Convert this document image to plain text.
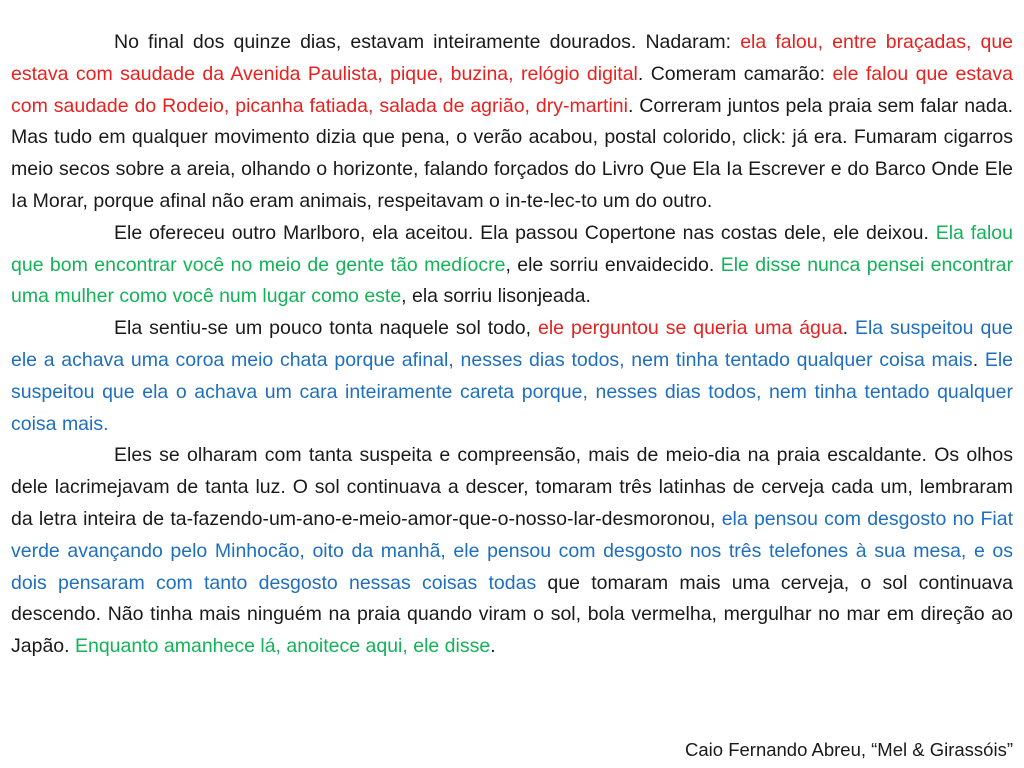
No final dos quinze dias, estavam inteiramente dourados. Nadaram: ela falou, entre braçadas, que estava com saudade da Avenida Paulista, pique, buzina, relógio digital. Comeram camarão: ele falou que estava com saudade do Rodeio, picanha fatiada, salada de agrião, dry-martini. Correram juntos pela praia sem falar nada. Mas tudo em qualquer movimento dizia que pena, o verão acabou, postal colorido, click: já era. Fumaram cigarros meio secos sobre a areia, olhando o horizonte, falando forçados do Livro Que Ela Ia Escrever e do Barco Onde Ele Ia Morar, porque afinal não eram animais, respeitavam o in-te-lec-to um do outro.

Ele ofereceu outro Marlboro, ela aceitou. Ela passou Copertone nas costas dele, ele deixou. Ela falou que bom encontrar você no meio de gente tão medíocre, ele sorriu envaidecido. Ele disse nunca pensei encontrar uma mulher como você num lugar como este, ela sorriu lisonjeada.

Ela sentiu-se um pouco tonta naquele sol todo, ele perguntou se queria uma água. Ela suspeitou que ele a achava uma coroa meio chata porque afinal, nesses dias todos, nem tinha tentado qualquer coisa mais. Ele suspeitou que ela o achava um cara inteiramente careta porque, nesses dias todos, nem tinha tentado qualquer coisa mais.

Eles se olharam com tanta suspeita e compreensão, mais de meio-dia na praia escaldante. Os olhos dele lacrimejavam de tanta luz. O sol continuava a descer, tomaram três latinhas de cerveja cada um, lembraram da letra inteira de ta-fazendo-um-ano-e-meio-amor-que-o-nosso-lar-desmoronou, ela pensou com desgosto no Fiat verde avançando pelo Minhocão, oito da manhã, ele pensou com desgosto nos três telefones à sua mesa, e os dois pensaram com tanto desgosto nessas coisas todas que tomaram mais uma cerveja, o sol continuava descendo. Não tinha mais ninguém na praia quando viram o sol, bola vermelha, mergulhar no mar em direção ao Japão. Enquanto amanhece lá, anoitece aqui, ele disse.

Caio Fernando Abreu, “Mel & Girassóis”
